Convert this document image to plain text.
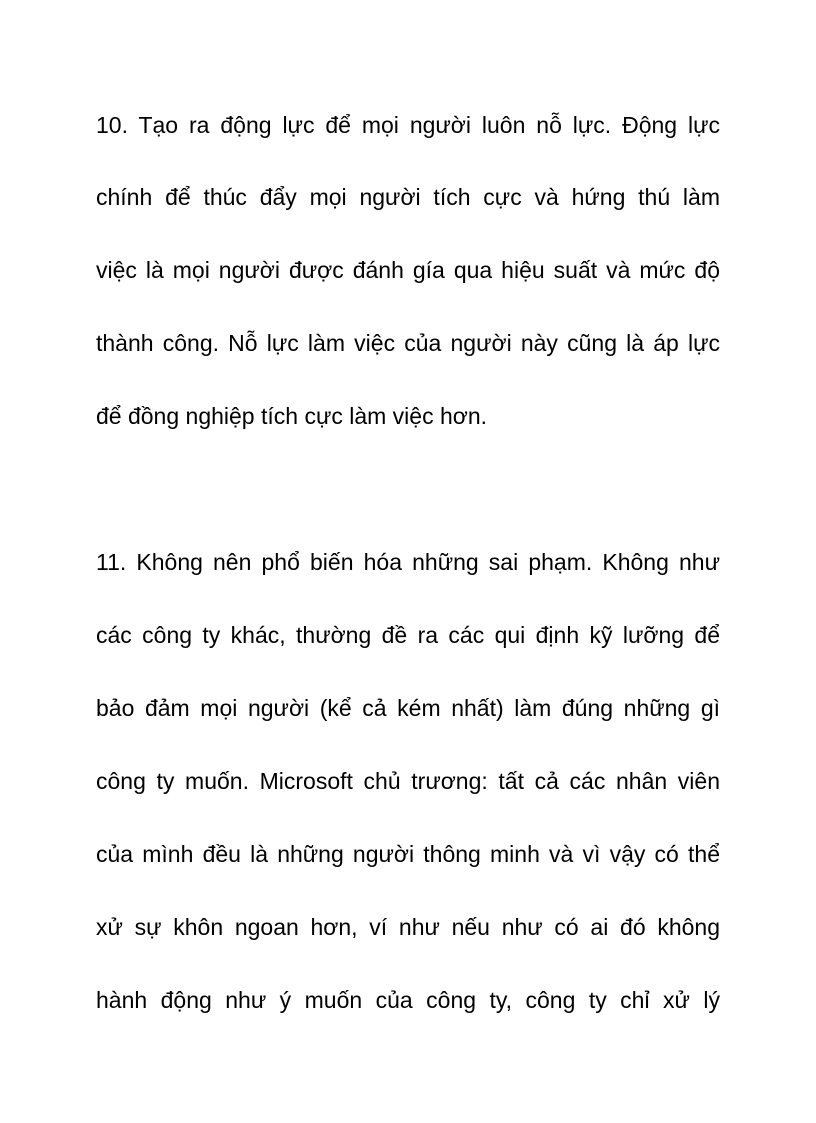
10. Tạo ra động lực để mọi người luôn nỗ lực. Động lực
chính để thúc đẩy mọi người tích cực và hứng thú làm
việc là mọi người được đánh gía qua hiệu suất và mức độ
thành công. Nỗ lực làm việc của người này cũng là áp lực
để đồng nghiệp tích cực làm việc hơn.
11. Không nên phổ biến hóa những sai phạm. Không như
các công ty khác, thường đề ra các qui định kỹ lưỡng để
bảo đảm mọi người (kể cả kém nhất) làm đúng những gì
công ty muốn. Microsoft chủ trương: tất cả các nhân viên
của mình đều là những người thông minh và vì vậy có thể
xử sự khôn ngoan hơn, ví như nếu như có ai đó không
hành động như ý muốn của công ty, công ty chỉ xử lý
